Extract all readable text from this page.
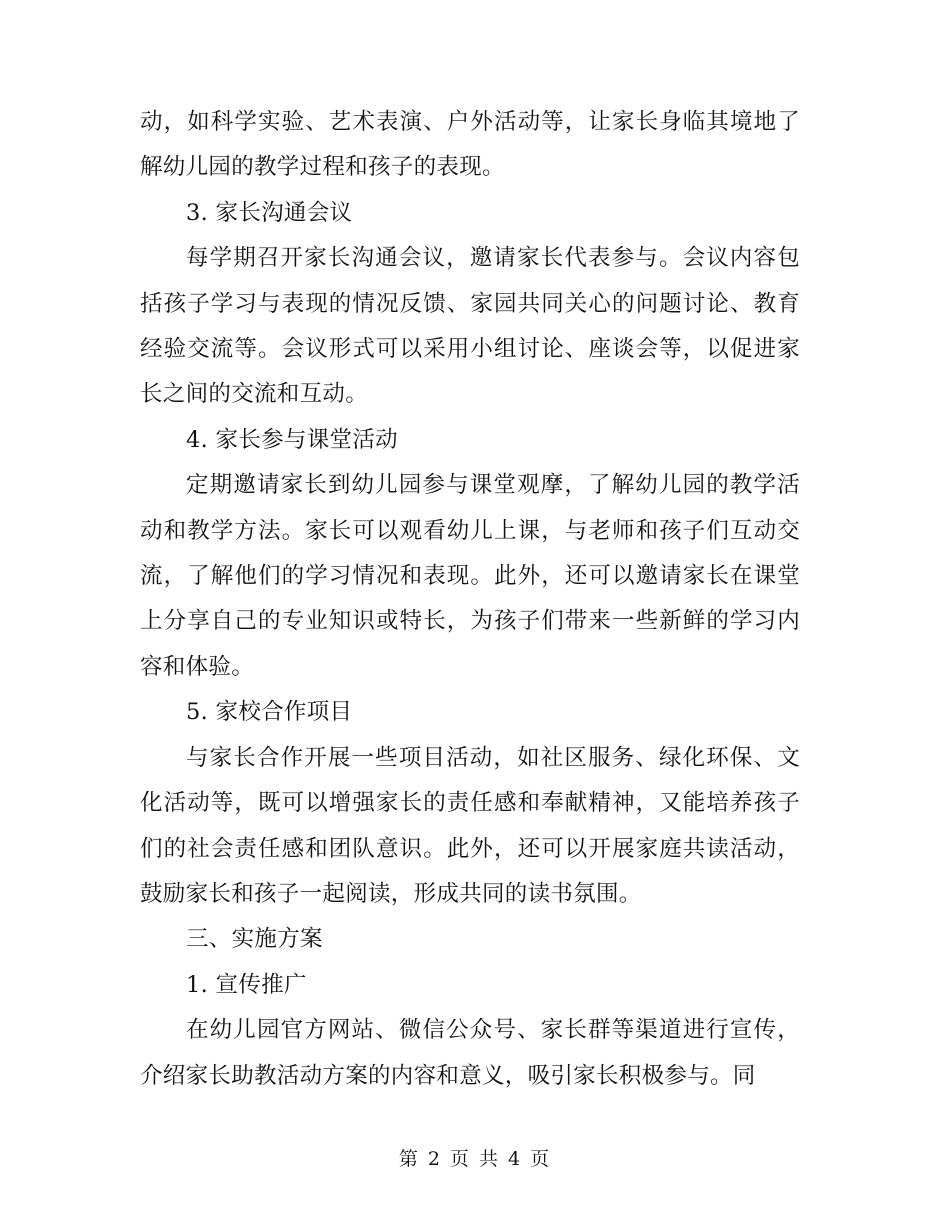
动，如科学实验、艺术表演、户外活动等，让家长身临其境地了解幼儿园的教学过程和孩子的表现。

3. 家长沟通会议

每学期召开家长沟通会议，邀请家长代表参与。会议内容包括孩子学习与表现的情况反馈、家园共同关心的问题讨论、教育经验交流等。会议形式可以采用小组讨论、座谈会等，以促进家长之间的交流和互动。

4. 家长参与课堂活动

定期邀请家长到幼儿园参与课堂观摩，了解幼儿园的教学活动和教学方法。家长可以观看幼儿上课，与老师和孩子们互动交流，了解他们的学习情况和表现。此外，还可以邀请家长在课堂上分享自己的专业知识或特长，为孩子们带来一些新鲜的学习内容和体验。

5. 家校合作项目

与家长合作开展一些项目活动，如社区服务、绿化环保、文化活动等，既可以增强家长的责任感和奉献精神，又能培养孩子们的社会责任感和团队意识。此外，还可以开展家庭共读活动，鼓励家长和孩子一起阅读，形成共同的读书氛围。

三、实施方案

1. 宣传推广

在幼儿园官方网站、微信公众号、家长群等渠道进行宣传，介绍家长助教活动方案的内容和意义，吸引家长积极参与。同

第 2 页 共 4 页
